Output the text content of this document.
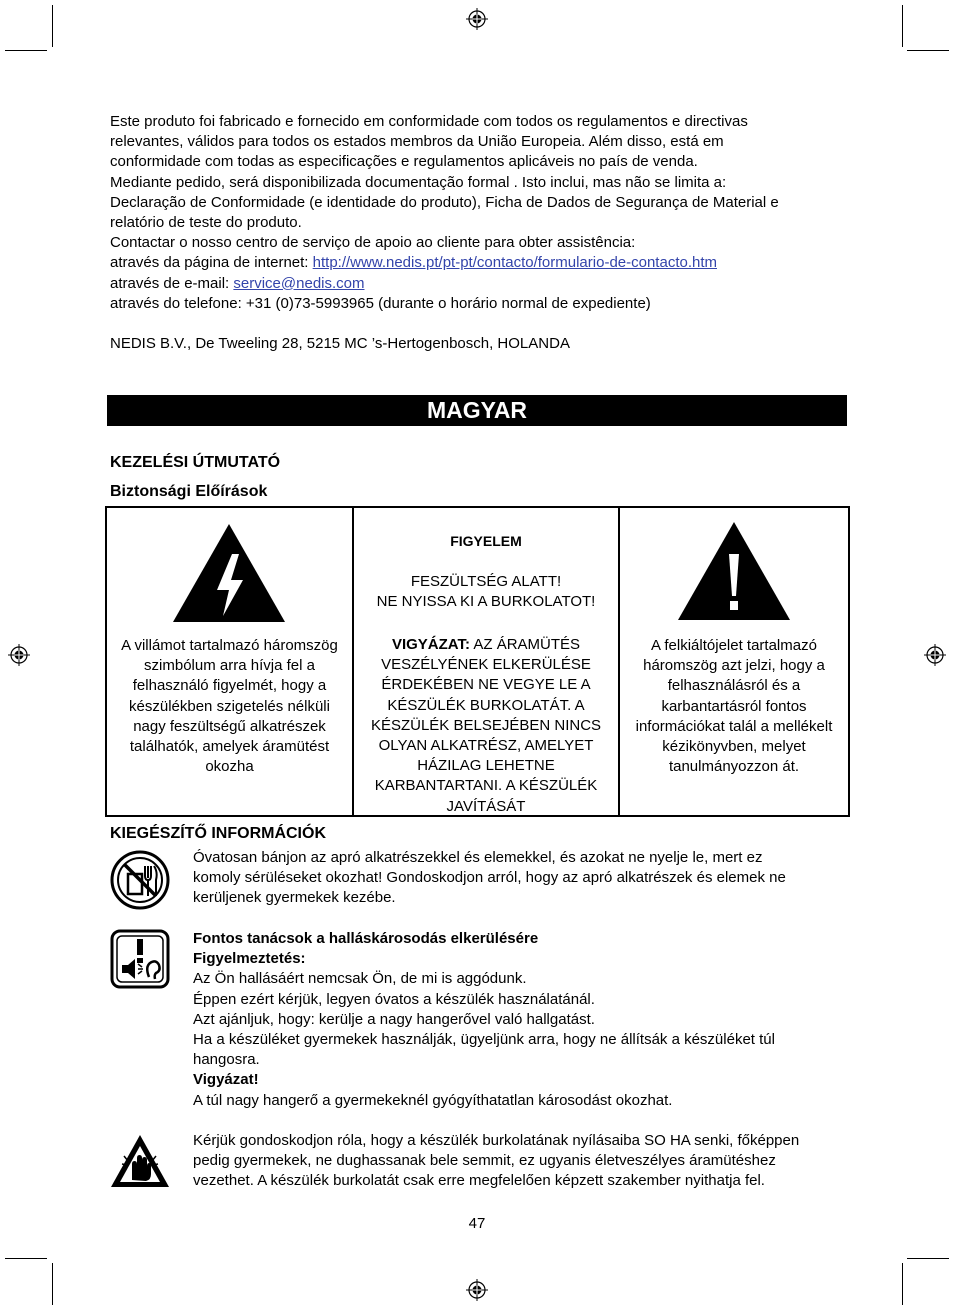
Este produto foi fabricado e fornecido em conformidade com todos os regulamentos e directivas
relevantes, válidos para todos os estados membros da União Europeia. Além disso, está em
conformidade com todas as especificações e regulamentos aplicáveis no país de venda.
Mediante pedido, será disponibilizada documentação formal . Isto inclui, mas não se limita a:
Declaração de Conformidade (e identidade do produto), Ficha de Dados de Segurança de Material e
relatório de teste do produto.
Contactar o nosso centro de serviço de apoio ao cliente para obter assistência:
através da página de internet: http://www.nedis.pt/pt-pt/contacto/formulario-de-contacto.htm
através de e-mail: service@nedis.com
através do telefone: +31 (0)73-5993965 (durante o horário normal de expediente)
NEDIS B.V., De Tweeling 28, 5215 MC ’s-Hertogenbosch, HOLANDA
MAGYAR
KEZELÉSI ÚTMUTATÓ
Biztonsági Előírások
A villámot tartalmazó háromszög
szimbólum arra hívja fel a
felhasználó figyelmét, hogy a
készülékben szigetelés nélküli
nagy feszültségű alkatrészek
találhatók, amelyek áramütést
okozha
FIGYELEM
FESZÜLTSÉG ALATT!
NE NYISSA KI A BURKOLATOT!
VIGYÁZAT: AZ ÁRAMÜTÉS
VESZÉLYÉNEK ELKERÜLÉSE
ÉRDEKÉBEN NE VEGYE LE A
KÉSZÜLÉK BURKOLATÁT. A
KÉSZÜLÉK BELSEJÉBEN NINCS
OLYAN ALKATRÉSZ, AMELYET
HÁZILAG LEHETNE
KARBANTARTANI. A KÉSZÜLÉK
JAVÍTÁSÁT
A felkiáltójelet tartalmazó
háromszög azt jelzi, hogy a
felhasználásról és a
karbantartásról fontos
információkat talál a mellékelt
kézikönyvben, melyet
tanulmányozzon át.
KIEGÉSZÍTŐ INFORMÁCIÓK
Óvatosan bánjon az apró alkatrészekkel és elemekkel, és azokat ne nyelje le, mert ez
komoly sérüléseket okozhat! Gondoskodjon arról, hogy az apró alkatrészek és elemek ne
kerüljenek gyermekek kezébe.
Fontos tanácsok a halláskárosodás elkerülésére
Figyelmeztetés:
Az Ön hallásáért nemcsak Ön, de mi is aggódunk.
Éppen ezért kérjük, legyen óvatos a készülék használatánál.
Azt ajánljuk, hogy: kerülje a nagy hangerővel való hallgatást.
Ha a készüléket gyermekek használják, ügyeljünk arra, hogy ne állítsák a készüléket túl
hangosra.
Vigyázat!
A túl nagy hangerő a gyermekeknél gyógyíthatatlan károsodást okozhat.
Kérjük gondoskodjon róla, hogy a készülék burkolatának nyílásaiba SO HA senki, főképpen
pedig gyermekek, ne dughassanak bele semmit, ez ugyanis életveszélyes áramütéshez
vezethet. A készülék burkolatát csak erre megfelelően képzett szakember nyithatja fel.
47
